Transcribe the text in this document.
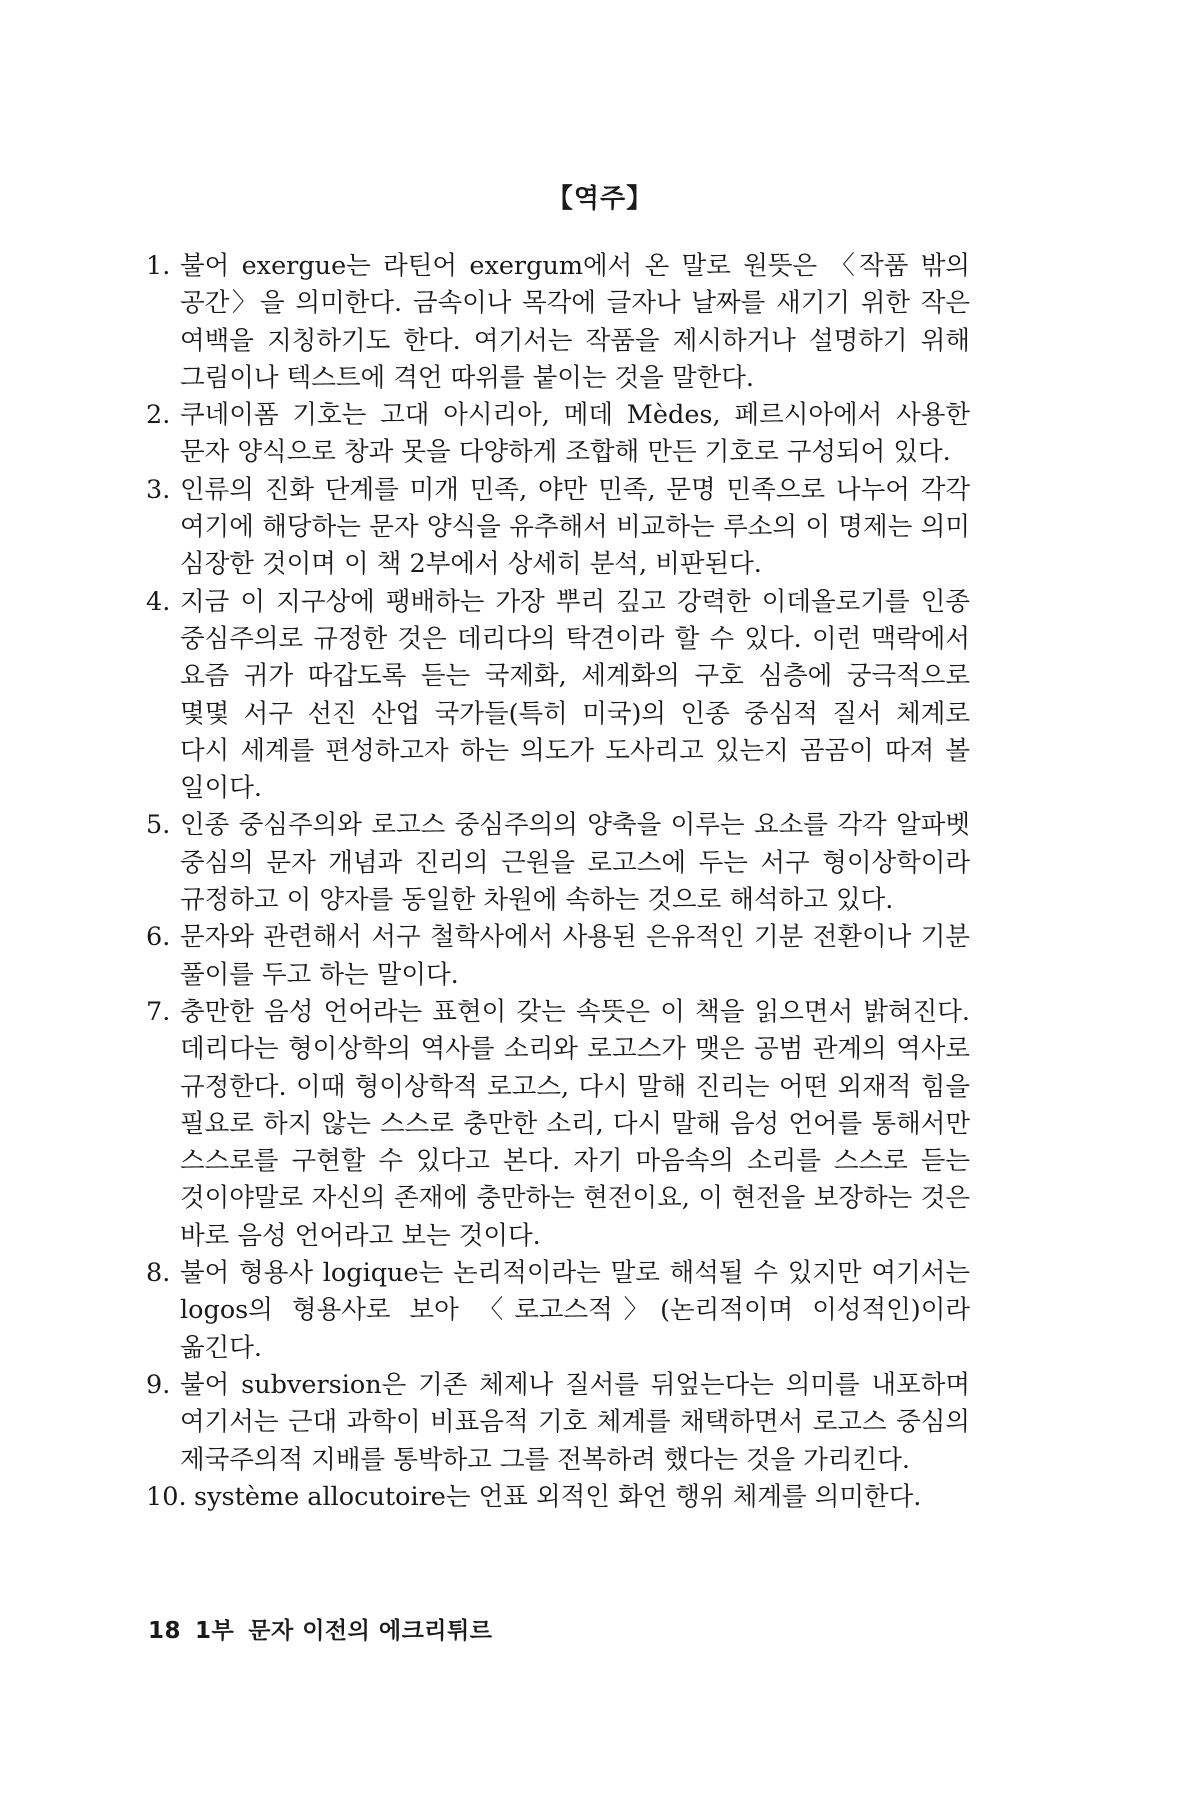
【역주】
1. 불어 exergue는 라틴어 exergum에서 온 말로 원뜻은 〈작품 밖의 공간〉을 의미한다. 금속이나 목각에 글자나 날짜를 새기기 위한 작은 여백을 지칭하기도 한다. 여기서는 작품을 제시하거나 설명하기 위해 그림이나 텍스트에 격언 따위를 붙이는 것을 말한다.
2. 쿠네이폼 기호는 고대 아시리아, 메데 Mèdes, 페르시아에서 사용한 문자 양식으로 창과 못을 다양하게 조합해 만든 기호로 구성되어 있다.
3. 인류의 진화 단계를 미개 민족, 야만 민족, 문명 민족으로 나누어 각각 여기에 해당하는 문자 양식을 유추해서 비교하는 루소의 이 명제는 의미 심장한 것이며 이 책 2부에서 상세히 분석, 비판된다.
4. 지금 이 지구상에 팽배하는 가장 뿌리 깊고 강력한 이데올로기를 인종 중심주의로 규정한 것은 데리다의 탁견이라 할 수 있다. 이런 맥락에서 요즘 귀가 따갑도록 듣는 국제화, 세계화의 구호 심층에 궁극적으로 몇몇 서구 선진 산업 국가들(특히 미국)의 인종 중심적 질서 체계로 다시 세계를 편성하고자 하는 의도가 도사리고 있는지 곰곰이 따져 볼 일이다.
5. 인종 중심주의와 로고스 중심주의의 양축을 이루는 요소를 각각 알파벳 중심의 문자 개념과 진리의 근원을 로고스에 두는 서구 형이상학이라 규정하고 이 양자를 동일한 차원에 속하는 것으로 해석하고 있다.
6. 문자와 관련해서 서구 철학사에서 사용된 은유적인 기분 전환이나 기분 풀이를 두고 하는 말이다.
7. 충만한 음성 언어라는 표현이 갖는 속뜻은 이 책을 읽으면서 밝혀진다. 데리다는 형이상학의 역사를 소리와 로고스가 맺은 공범 관계의 역사로 규정한다. 이때 형이상학적 로고스, 다시 말해 진리는 어떤 외재적 힘을 필요로 하지 않는 스스로 충만한 소리, 다시 말해 음성 언어를 통해서만 스스로를 구현할 수 있다고 본다. 자기 마음속의 소리를 스스로 듣는 것이야말로 자신의 존재에 충만하는 현전이요, 이 현전을 보장하는 것은 바로 음성 언어라고 보는 것이다.
8. 불어 형용사 logique는 논리적이라는 말로 해석될 수 있지만 여기서는 logos의 형용사로 보아 〈로고스적〉(논리적이며 이성적인)이라 옮긴다.
9. 불어 subversion은 기존 체제나 질서를 뒤엎는다는 의미를 내포하며 여기서는 근대 과학이 비표음적 기호 체계를 채택하면서 로고스 중심의 제국주의적 지배를 통박하고 그를 전복하려 했다는 것을 가리킨다.
10. système allocutoire는 언표 외적인 화언 행위 체계를 의미한다.
18 1부 문자 이전의 에크리튀르
